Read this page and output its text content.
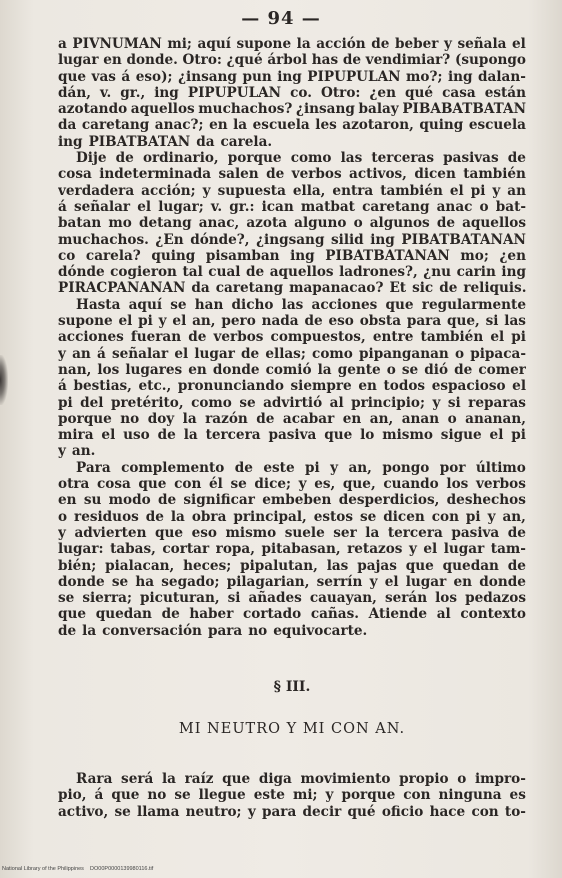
— 94 —
a PIVNUMAN mi; aquí supone la acción de beber y señala el
lugar en donde. Otro: ¿qué árbol has de vendimiar? (supongo
que vas á eso); ¿insang pun ing PIPUPULAN mo?; ing dalan-
dán, v. gr., ing PIPUPULAN co. Otro: ¿en qué casa están
azotando aquellos muchachos? ¿insang balay PIBABATBATAN
da caretang anac?; en la escuela les azotaron, quing escuela
ing PIBATBATAN da carela.
Dije de ordinario, porque como las terceras pasivas de
cosa indeterminada salen de verbos activos, dicen también
verdadera acción; y supuesta ella, entra también el pi y an
á señalar el lugar; v. gr.: ican matbat caretang anac o bat-
batan mo detang anac, azota alguno o algunos de aquellos
muchachos. ¿En dónde?, ¿ingsang silid ing PIBATBATANAN
co carela? quing pisamban ing PIBATBATANAN mo; ¿en
dónde cogieron tal cual de aquellos ladrones?, ¿nu carin ing
PIRACPANANAN da caretang mapanacao? Et sic de reliquis.
Hasta aquí se han dicho las acciones que regularmente
supone el pi y el an, pero nada de eso obsta para que, si las
acciones fueran de verbos compuestos, entre también el pi
y an á señalar el lugar de ellas; como pipanganan o pipaca-
nan, los lugares en donde comió la gente o se dió de comer
á bestias, etc., pronunciando siempre en todos espacioso el
pi del pretérito, como se advirtió al principio; y si reparas
porque no doy la razón de acabar en an, anan o ananan,
mira el uso de la tercera pasiva que lo mismo sigue el pi
y an.
Para complemento de este pi y an, pongo por último
otra cosa que con él se dice; y es, que, cuando los verbos
en su modo de significar embeben desperdicios, deshechos
o residuos de la obra principal, estos se dicen con pi y an,
y advierten que eso mismo suele ser la tercera pasiva de
lugar: tabas, cortar ropa, pitabasan, retazos y el lugar tam-
bién; pialacan, heces; pipalutan, las pajas que quedan de
donde se ha segado; pilagarian, serrín y el lugar en donde
se sierra; picuturan, si añades cauayan, serán los pedazos
que quedan de haber cortado cañas. Atiende al contexto
de la conversación para no equivocarte.
§ III.
MI NEUTRO Y MI CON AN.
Rara será la raíz que diga movimiento propio o impro-
pio, á que no se llegue este mi; y porque con ninguna es
activo, se llama neutro; y para decir qué oficio hace con to-
National Library of the Philippines    DO00P0000139980116.tif
